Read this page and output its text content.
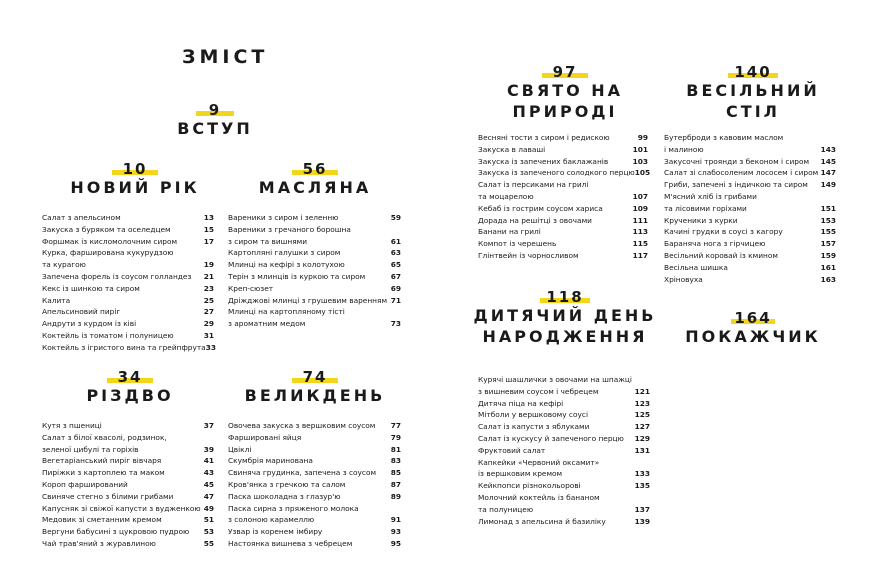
ЗМІСТ
9
ВСТУП
10
НОВИЙ РІК
Салат з апельсином	13
Закуска з буряком та оселедцем	15
Форшмак із кисломолочним сиром	17
Курка, фарширована кукурудзою
та курагою	19
Запечена форель із соусом голландез 21
Кекс із шинкою та сиром	23
Калита	25
Апельсиновий пиріг	27
Андрути з курдом із ківі	29
Коктейль із томатом і полуницею	31
Коктейль з ігристого вина та грейпфрута 33
56
МАСЛЯНА
Вареники з сиром і зеленню	59
Вареники з гречаного борошна
з сиром та вишнями	61
Картопляні галушки з сиром	63
Млинці на кефірі з колотухою	65
Терін з млинців із куркою та сиром	67
Креп-сюзет	69
Дріжджові млинці з грушевим варенням 71
Млинці на картопляному тісті
з ароматним медом	73
97
СВЯТО НА
ПРИРОДІ
Весняні тости з сиром і редискою	99
Закуска в лаваші	101
Закуска із запечених баклажанів	103
Закуска із запеченого солодкого перцю 105
Салат із персиками на грилі
та моцарелою	107
Кебаб із гострим соусом хариса	109
Дорада на решітці з овочами	111
Банани на грилі	113
Компот із черешень	115
Глінтвейн із чорносливом	117
140
ВЕСІЛЬНИЙ
СТІЛ
Бутерброди з кавовим маслом
і малиною	143
Закусочні троянди з беконом і сиром 145
Салат зі слабосоленим лососем і сиром 147
Гриби, запечені з індичкою та сиром 149
М'ясний хліб із грибами
та лісовими горіхами	151
Крученики з курки	153
Качині грудки в соусі з кагору	155
Баранячa нога з гірчицею	157
Весільний коровай із кмином	159
Весільна шишка	161
Хріновуха	163
34
РІЗДВО
Кутя з пшениці	37
Салат з білої квасолі, родзинок,
зеленої цибулі та горіхів	39
Вегетаріанський пиріг вівчаря	41
Пиріжки з картоплею та маком	43
Короп фарширований	45
Свиняче стегно з білими грибами	47
Капусняк зі свіжої капусти з вудженкою 49
Медовик зі сметанним кремом	51
Вергуни бабусині з цукровою пудрою 53
Чай трав'яний з журавлиною	55
74
ВЕЛИКДЕНЬ
Овочева закуска з вершковим соусом 77
Фаршировані яйця	79
Цвіклі	81
Скумбрія маринована	83
Свиняча грудинка, запечена з соусом 85
Кров'янка з гречкою та салом	87
Паска шоколадна з глазур'ю	89
Паска сирна з пряженого молока
з солоною карамеллю	91
Узвар із коренем імбиру	93
Настоянка вишнева з чебрецем	95
118
ДИТЯЧИЙ ДЕНЬ
НАРОДЖЕННЯ
Курячі шашлички з овочами на шпажці
з вишневим соусом і чебрецем	121
Дитяча піца на кефірі	123
Мітболи у вершковому соусі	125
Салат із капусти з яблуками	127
Салат із кускусу й запеченого перцю 129
Фруктовий салат	131
Капкейки «Червоний оксамит»
із вершковим кремом	133
Кейкпопси різнокольорові	135
Молочний коктейль із бананом
та полуницею	137
Лимонад з апельсина й базиліку	139
164
ПОКАЖЧИК
